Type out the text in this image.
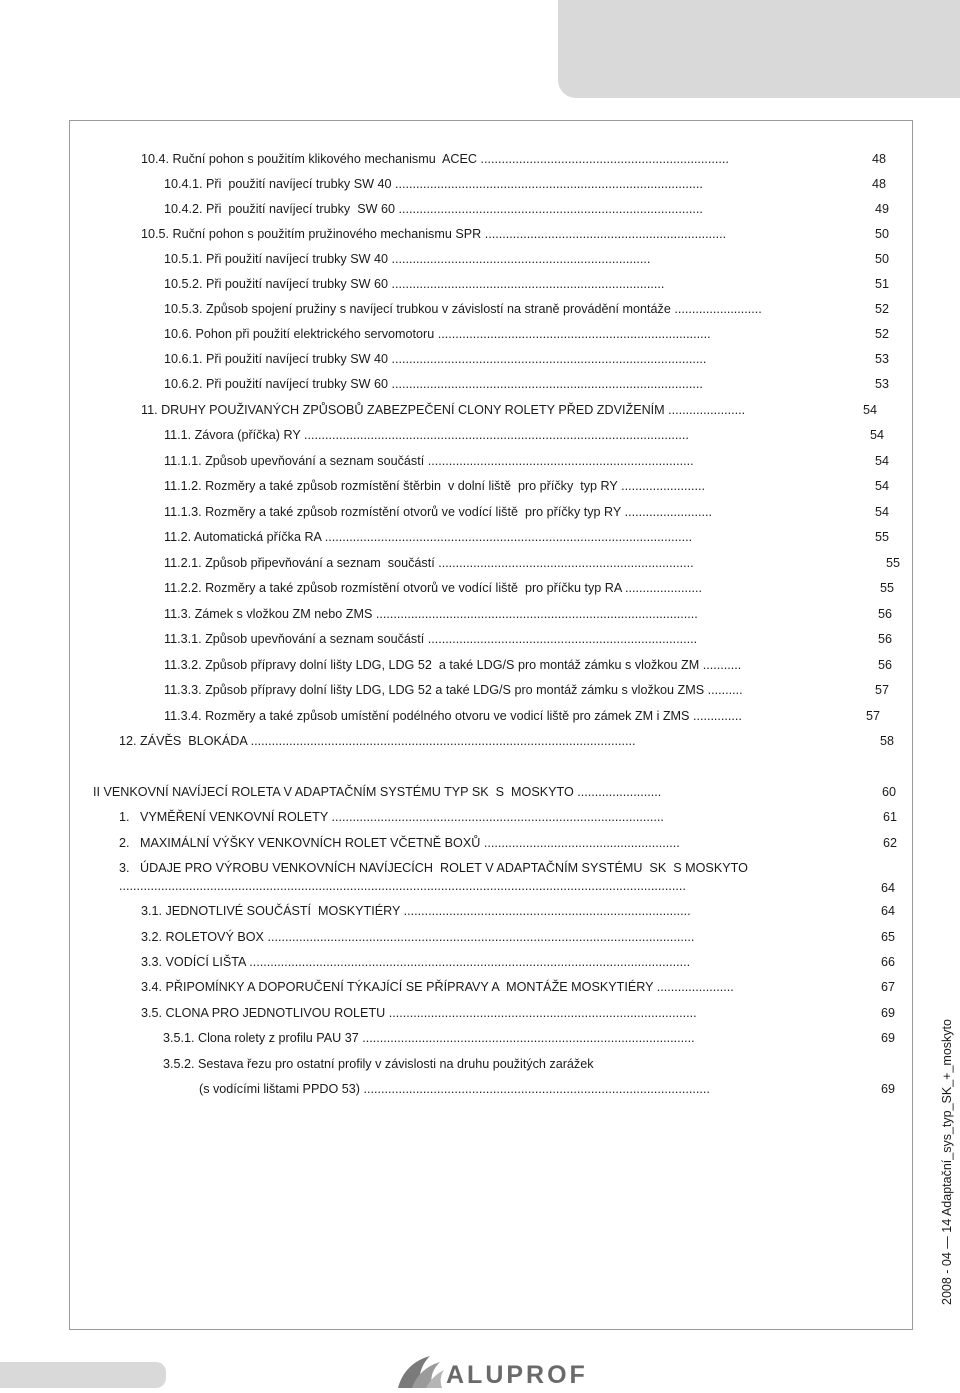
10.4. Ruční pohon s použitím klikového mechanismu  ACEC .......................................................................	48
10.4.1. Při  použití navíjecí trubky SW 40 ........................................................................................	48
10.4.2. Při  použití navíjecí trubky  SW 60 .......................................................................................	49
10.5. Ruční pohon s použitím pružinového mechanismu SPR .....................................................................	50
10.5.1. Při použití navíjecí trubky SW 40 ..........................................................................	50
10.5.2. Při použití navíjecí trubky SW 60 ..............................................................................	51
10.5.3. Způsob spojení pružiny s navíjecí trubkou v závislostí na straně provádění montáže .........................	52
10.6. Pohon při použití elektrického servomotoru ..............................................................................	52
10.6.1. Při použití navíjecí trubky SW 40 ..........................................................................................	53
10.6.2. Při použití navíjecí trubky SW 60 .........................................................................................	53
11. DRUHY POUŽIVANÝCH ZPŮSOBŮ ZABEZPEČENÍ CLONY ROLETY PŘED ZDVIŽENÍM ......................	54
11.1. Závora (příčka) RY ..............................................................................................................	54
11.1.1. Způsob upevňování a seznam součástí ............................................................................	54
11.1.2. Rozměry a také způsob rozmístění štěrbin  v dolní liště  pro příčky  typ RY ........................	54
11.1.3. Rozměry a také způsob rozmístění otvorů ve vodící liště  pro příčky typ RY .........................	54
11.2. Automatická příčka RA .........................................................................................................	55
11.2.1. Způsob připevňování a seznam  součástí .........................................................................	55
11.2.2. Rozměry a také způsob rozmístění otvorů ve vodící liště  pro příčku typ RA ......................	55
11.3. Zámek s vložkou ZM nebo ZMS ............................................................................................	56
11.3.1. Způsob upevňování a seznam součástí .............................................................................	56
11.3.2. Způsob přípravy dolní lišty LDG, LDG 52  a také LDG/S pro montáž zámku s vložkou ZM ...........	56
11.3.3. Způsob přípravy dolní lišty LDG, LDG 52 a také LDG/S pro montáž zámku s vložkou ZMS ..........	57
11.3.4. Rozměry a také způsob umístění podélného otvoru ve vodicí liště pro zámek ZM i ZMS ..............	57
12. ZÁVĚS  BLOKÁDA ..............................................................................................................	58
II VENKOVNÍ NAVÍJECÍ ROLETA V ADAPTAČNÍM SYSTÉMU TYP SK  S  MOSKYTO ........................	60
1.   VYMĚŘENÍ VENKOVNÍ ROLETY ...............................................................................................	61
2.   MAXIMÁLNÍ VÝŠKY VENKOVNÍCH ROLET VČETNĚ BOXŮ ........................................................	62
3.   ÚDAJE PRO VÝROBU VENKOVNÍCH NAVÍJECÍCH  ROLET V ADAPTAČNÍM SYSTÉMU  SK  S MOSKYTO
..................................................................................................................................................................	64
3.1. JEDNOTLIVÉ SOUČÁSTÍ  MOSKYTIÉRY ..................................................................................	64
3.2. ROLETOVÝ BOX ..........................................................................................................................	65
3.3. VODÍCÍ LIŠTA ..............................................................................................................................	66
3.4. PŘIPOMÍNKY A DOPORUČENÍ TÝKAJÍCÍ SE PŘÍPRAVY A  MONTÁŽE MOSKYTIÉRY ......................	67
3.5. CLONA PRO JEDNOTLIVOU ROLETU ........................................................................................	69
3.5.1. Clona rolety z profilu PAU 37 ...............................................................................................	69
3.5.2. Sestava řezu pro ostatní profily v závislosti na druhu použitých zarážek
(s vodícími lištami PPDO 53) ...................................................................................................	69	2008 - 04 — 14 Adaptační_sys_typ_SK_+_moskyto
ALUPROF
